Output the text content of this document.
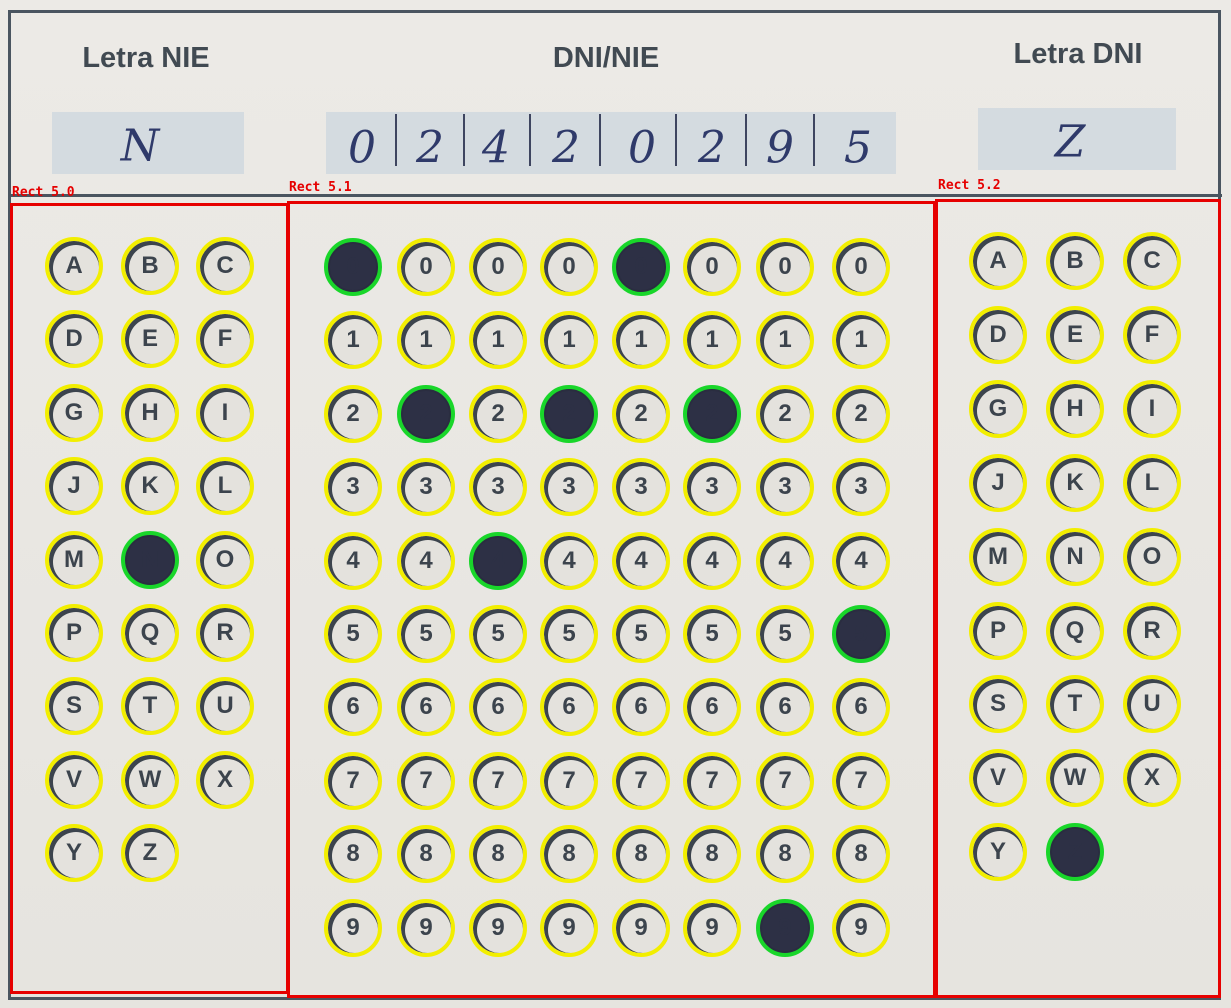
Letra NIE	DNI/NIE	Letra DNI
N	0 2 4 2 0 2 9 5	Z
Rect 5.0	Rect 5.1	Rect 5.2
A	B	C
D	E	F
G	H	I
J	K	L
M	N	O
P	Q	R
S	T	U
V	W	X
Y	Z
0	0	0	0	0	0	0	0
1	1	1	1	1	1	1	1
2	2	2	2	2	2	2	2
3	3	3	3	3	3	3	3
4	4	4	4	4	4	4	4
5	5	5	5	5	5	5	5
6	6	6	6	6	6	6	6
7	7	7	7	7	7	7	7
8	8	8	8	8	8	8	8
9	9	9	9	9	9	9	9
A	B	C
D	E	F
G	H	I
J	K	L
M	N	O
P	Q	R
S	T	U
V	W	X
Y	Z
